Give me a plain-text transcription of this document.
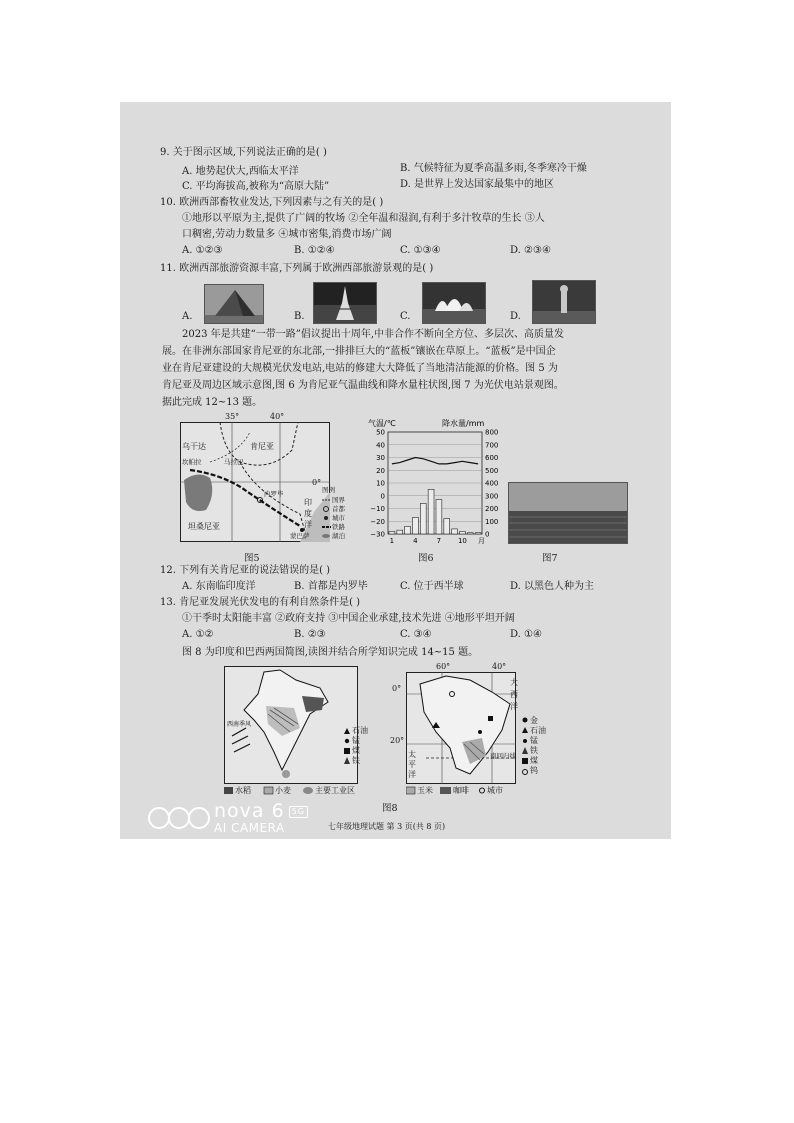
9. 关于图示区域,下列说法正确的是( )
B. 气候特征为夏季高温多雨,冬季寒冷干燥
A. 地势起伏大,西临太平洋
C. 平均海拔高,被称为“高原大陆”	D. 是世界上发达国家最集中的地区
10. 欧洲西部畜牧业发达,下列因素与之有关的是( )
①地形以平原为主,提供了广阔的牧场 ②全年温和湿润,有利于多汁牧草的生长 ③人
口稠密,劳动力数量多 ④城市密集,消费市场广阔
A. ①②③	B. ①②④	C. ①③④	D. ②③④
11. 欧洲西部旅游资源丰富,下列属于欧洲西部旅游景观的是( )
A.	B.	C.	D.
2023 年是共建“一带一路”倡议提出十周年,中非合作不断向全方位、多层次、高质量发
展。在非洲东部国家肯尼亚的东北部,一排排巨大的“蓝板”镶嵌在草原上。“蓝板”是中国企
业在肯尼亚建设的大规模光伏发电站,电站的修建大大降低了当地清洁能源的价格。图 5 为
肯尼亚及周边区域示意图,图 6 为肯尼亚气温曲线和降水量柱状图,图 7 为光伏电站景观图。
据此完成 12~13 题。
35°	40°
乌干达	肯尼亚
坎帕拉	马拉巴
内罗毕
坦桑尼亚
蒙巴萨
0°
印
度
洋
图例
国界
首都
城市
铁路
湖泊
图5
气温/℃	降水量/mm
50
40
30
20
10
0
−10
−20
−30
800
700
600
500
400
300
200
100
0
1	4	7 10 月
图6	图7
12. 下列有关肯尼亚的说法错误的是( )
A. 东南临印度洋	B. 首都是内罗毕	C. 位于西半球	D. 以黑色人种为主
13. 肯尼亚发展光伏发电的有利自然条件是( )
①干季时太阳能丰富 ②政府支持 ③中国企业承建,技术先进 ④地形平坦开阔
A. ①②	B. ②③	C. ③④	D. ①④
图 8 为印度和巴西两国简图,读图并结合所学知识完成 14~15 题。
西南季风
石油
锰
煤
铁
水稻	小麦	主要工业区
60°	40°
0°
20°
大
西
洋
太
平
洋
南回归线
金
石油
锰
铁
煤
钨
玉米	咖啡 城市
图8
七年级地理试题 第 3 页(共 8 页)
nova 6 5G
AI CAMERA
